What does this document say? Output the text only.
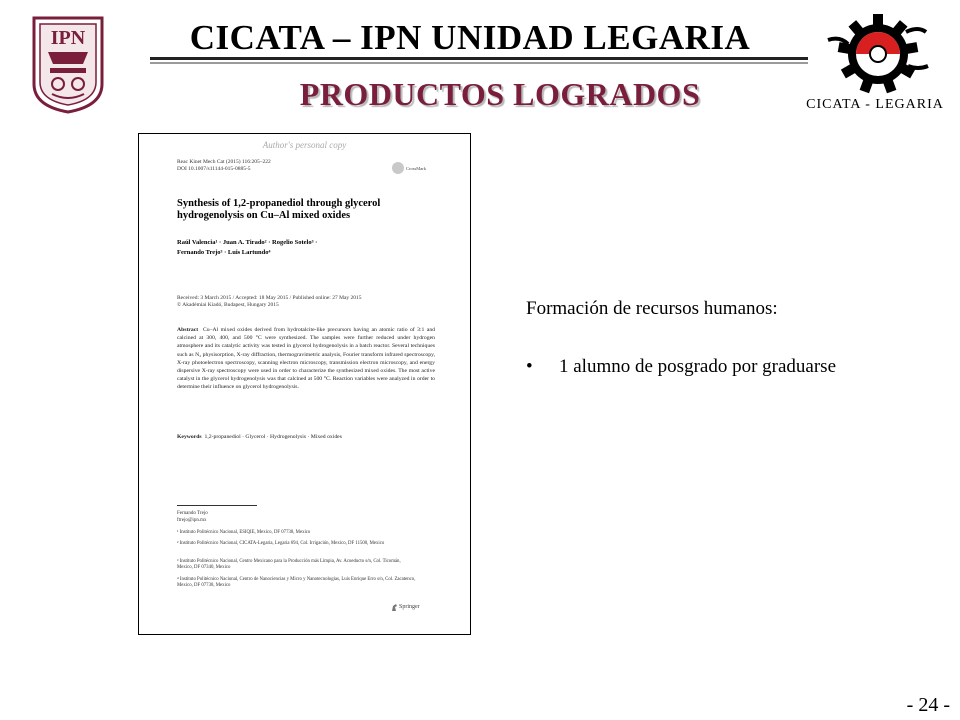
IPN	CICATA – IPN UNIDAD LEGARIA
PRODUCTOS LOGRADOS	CICATA - LEGARIA
Author's personal copy
Reac Kinet Mech Cat (2015) 116:205–222
DOI 10.1007/s11144-015-0885-5	CrossMark
Synthesis of 1,2-propanediol through glycerol hydrogenolysis on Cu–Al mixed oxides
Raúl Valencia¹ · Juan A. Tirado² · Rogelio Sotelo³ ·
Fernando Trejo³ · Luis Lartundo⁴
Received: 3 March 2015 / Accepted: 18 May 2015 / Published online: 27 May 2015
© Akadémiai Kiadó, Budapest, Hungary 2015
Abstract Cu–Al mixed oxides derived from hydrotalcite-like precursors having an atomic ratio of 3:1 and calcined at 300, 400, and 500 °C were synthesized. The samples were further reduced under hydrogen atmosphere and its catalytic activity was tested in glycerol hydrogenolysis in a batch reactor. Several techniques such as N₂ physisorption, X-ray diffraction, thermogravimetric analysis, Fourier transform infrared spectroscopy, X-ray photoelectron spectroscopy, scanning electron microscopy, transmission electron microscopy, and energy dispersive X-ray spectroscopy were used in order to characterize the synthesized mixed oxides. The most active catalyst in the glycerol hydrogenolysis was that calcined at 500 °C. Reaction variables were analyzed in order to determine their influence on glycerol hydrogenolysis.
Keywords 1,2-propanediol · Glycerol · Hydrogenolysis · Mixed oxides
Fernando Trejo
ftrejo@ipn.mx
¹ Instituto Politécnico Nacional, ESIQIE, Mexico, DF 07738, Mexico
² Instituto Politécnico Nacional, CICATA-Legaria, Legaria 694, Col. Irrigación, Mexico, DF 11500, Mexico
³ Instituto Politécnico Nacional, Centro Mexicano para la Producción más Limpia, Av. Acueducto s/n, Col. Ticomán, Mexico, DF 07340, Mexico
⁴ Instituto Politécnico Nacional, Centro de Nanociencias y Micro y Nanotecnologías, Luis Enrique Erro s/n, Col. Zacatenco, Mexico, DF 07738, Mexico
Springer
Formación de recursos humanos:
• 1 alumno de posgrado por graduarse
- 24 -
